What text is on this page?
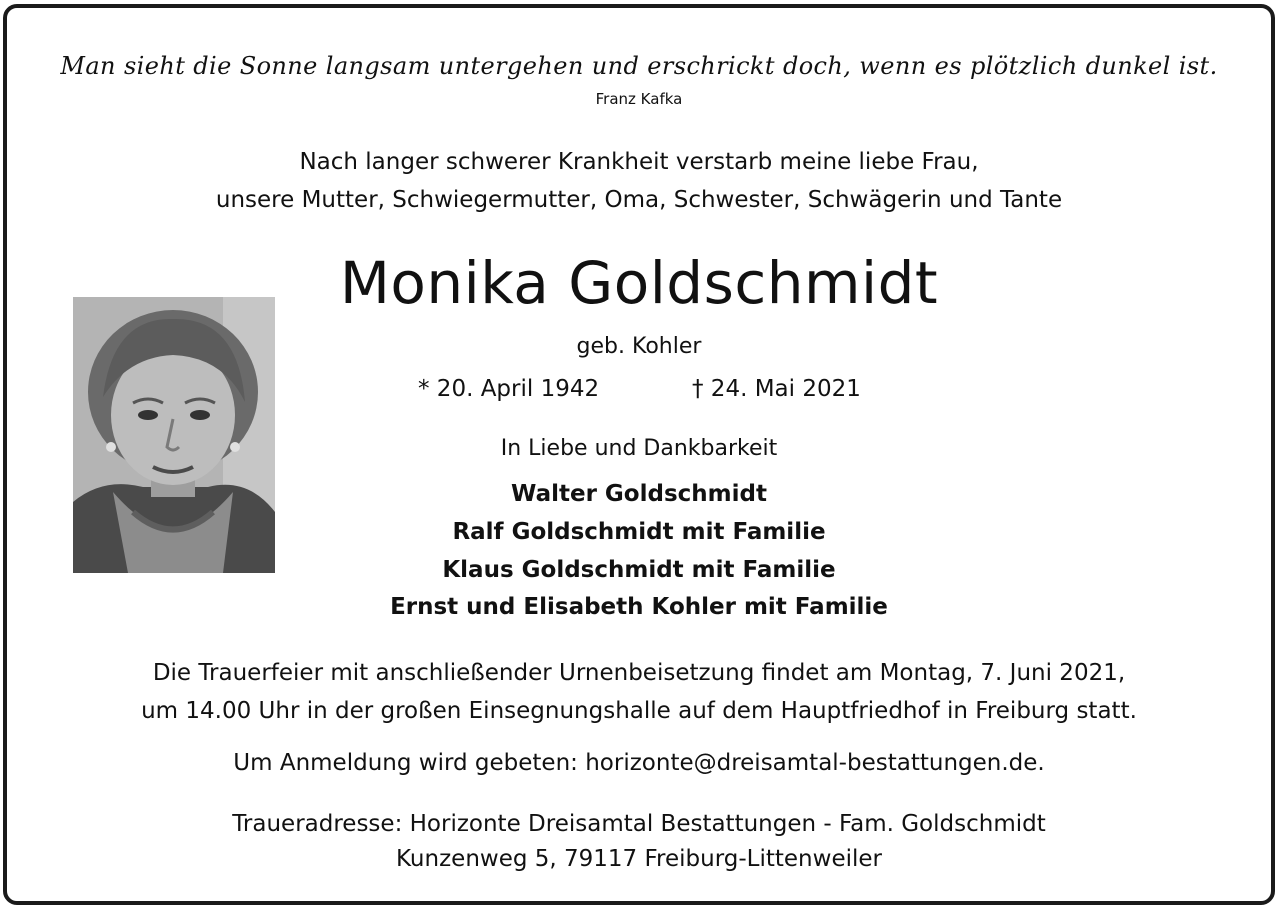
Man sieht die Sonne langsam untergehen und erschrickt doch, wenn es plötzlich dunkel ist.
Franz Kafka
Nach langer schwerer Krankheit verstarb meine liebe Frau,
unsere Mutter, Schwiegermutter, Oma, Schwester, Schwägerin und Tante
Monika Goldschmidt
geb. Kohler
* 20. April 1942	† 24. Mai 2021
In Liebe und Dankbarkeit
Walter Goldschmidt
Ralf Goldschmidt mit Familie
Klaus Goldschmidt mit Familie
Ernst und Elisabeth Kohler mit Familie
Die Trauerfeier mit anschließender Urnenbeisetzung findet am Montag, 7. Juni 2021,
um 14.00 Uhr in der großen Einsegnungshalle auf dem Hauptfriedhof in Freiburg statt.
Um Anmeldung wird gebeten: horizonte@dreisamtal-bestattungen.de.
Traueradresse: Horizonte Dreisamtal Bestattungen - Fam. Goldschmidt
Kunzenweg 5, 79117 Freiburg-Littenweiler
